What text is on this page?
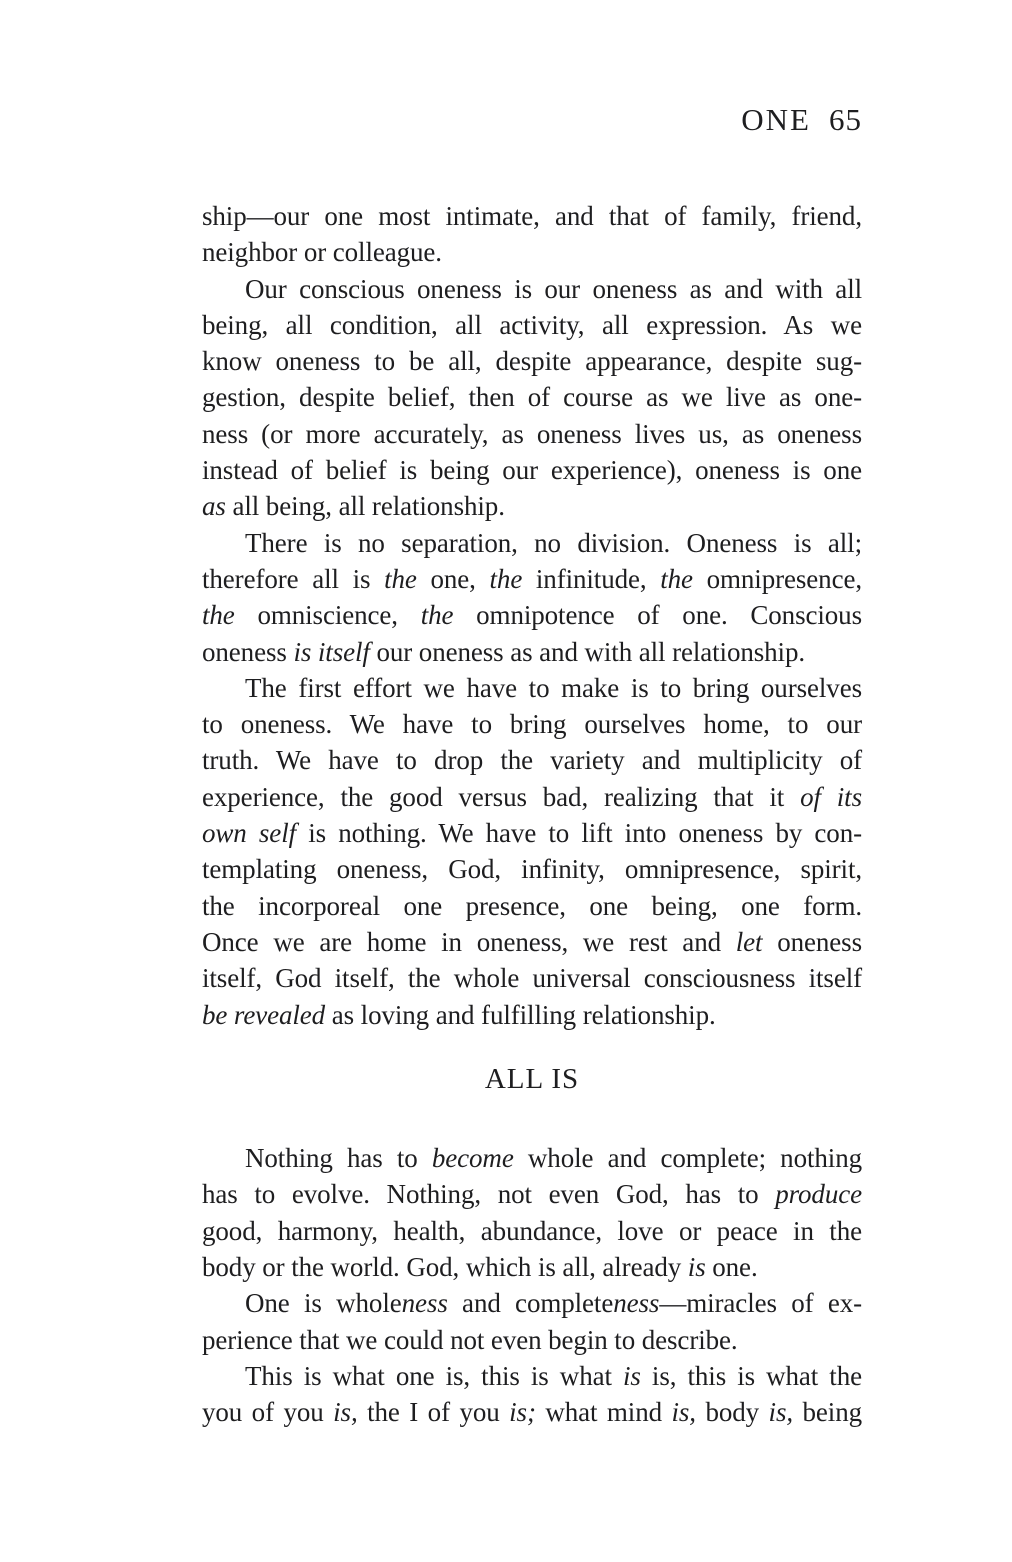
ONE 65
ship—our one most intimate, and that of family, friend,
neighbor or colleague.
Our conscious oneness is our oneness as and with all
being, all condition, all activity, all expression. As we
know oneness to be all, despite appearance, despite sug-
gestion, despite belief, then of course as we live as one-
ness (or more accurately, as oneness lives us, as oneness
instead of belief is being our experience), oneness is one
as all being, all relationship.
There is no separation, no division. Oneness is all;
therefore all is the one, the infinitude, the omnipresence,
the omniscience, the omnipotence of one. Conscious
oneness is itself our oneness as and with all relationship.
The first effort we have to make is to bring ourselves
to oneness. We have to bring ourselves home, to our
truth. We have to drop the variety and multiplicity of
experience, the good versus bad, realizing that it of its
own self is nothing. We have to lift into oneness by con-
templating oneness, God, infinity, omnipresence, spirit,
the incorporeal one presence, one being, one form.
Once we are home in oneness, we rest and let oneness
itself, God itself, the whole universal consciousness itself
be revealed as loving and fulfilling relationship.
ALL IS
Nothing has to become whole and complete; nothing
has to evolve. Nothing, not even God, has to produce
good, harmony, health, abundance, love or peace in the
body or the world. God, which is all, already is one.
One is wholeness and completeness—miracles of ex-
perience that we could not even begin to describe.
This is what one is, this is what is is, this is what the
you of you is, the I of you is; what mind is, body is, being
